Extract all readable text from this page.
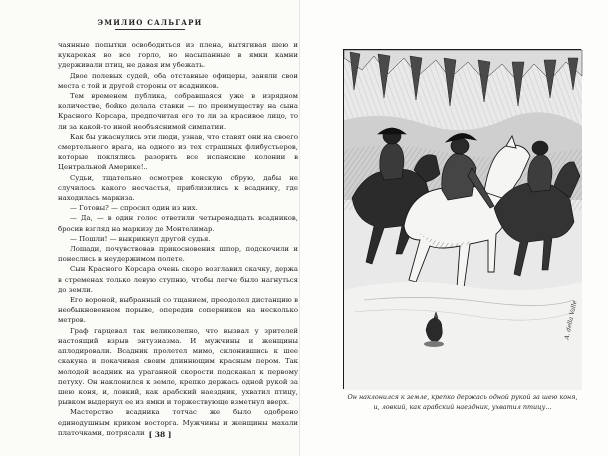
ЭМИЛИО САЛЬГАРИ

чаянные попытки освободиться из плена, вытягивая шею и кукарекая во все горло, но насыпанные в ямки камни удерживали птиц, не давая им убежать.

Двое полевых судей, оба отставные офицеры, заняли свои места с той и другой стороны от всадников.

Тем временем публика, собравшаяся уже в изрядном количестве, бойко делала ставки — по преимуществу на сына Красного Корсара, предпочитая его то ли за красивое лицо, то ли за какой-то иной необъяснимой симпатии.

Как бы ужаснулись эти люди, узнав, что ставят они на своего смертельного врага, на одного из тех страшных флибустьеров, которые поклялись разорить все испанские колонии в Центральной Америке!..

Судьи, тщательно осмотрев конскую сбрую, дабы не случилось какого несчастья, приблизились к всаднику, где находилась маркиза.

— Готовы? — спросил один из них.

— Да, — в один голос ответили четыренадцать всадников, бросив взгляд на маркизу де Монтелимар.

— Пошли! — выкрикнул другой судья.

Лошади, почувствовав прикосновения шпор, подскочили и понеслись в неудержимом полете.

Сын Красного Корсара очень скоро возглавил скачку, держа в стременах только левую ступню, чтобы легче было нагнуться до земли.

Его вороной, выбранный со тщанием, преодолел дистанцию в необыкновенном порыве, опередив соперников на несколько метров.

Граф гарцевал так великолепно, что вызвал у зрителей настоящий взрыв энтузиазма. И мужчины и женщины аплодировали. Всадник пролетел мимо, склонившись к шее скакуна и покачивая своим длиннющим красным пером. Так молодой всадник на ураганной скорости подскакал к первому петуху. Он наклонился к земле, крепко держась одной рукой за шею коня, и, ловкий, как арабский наездник, ухватил птицу, рывком выдернул ее из ямки и торжествующе взметнул вверх.

Мастерство всадника тотчас же было одобрено единодушным криком восторга. Мужчины и женщины махали платочками, потрясали [ 38 ]
A. della Valle
Он наклонился к земле, крепко держась одной рукой за шею коня,
и, ловкий, как арабский наездник, ухватил птицу...
